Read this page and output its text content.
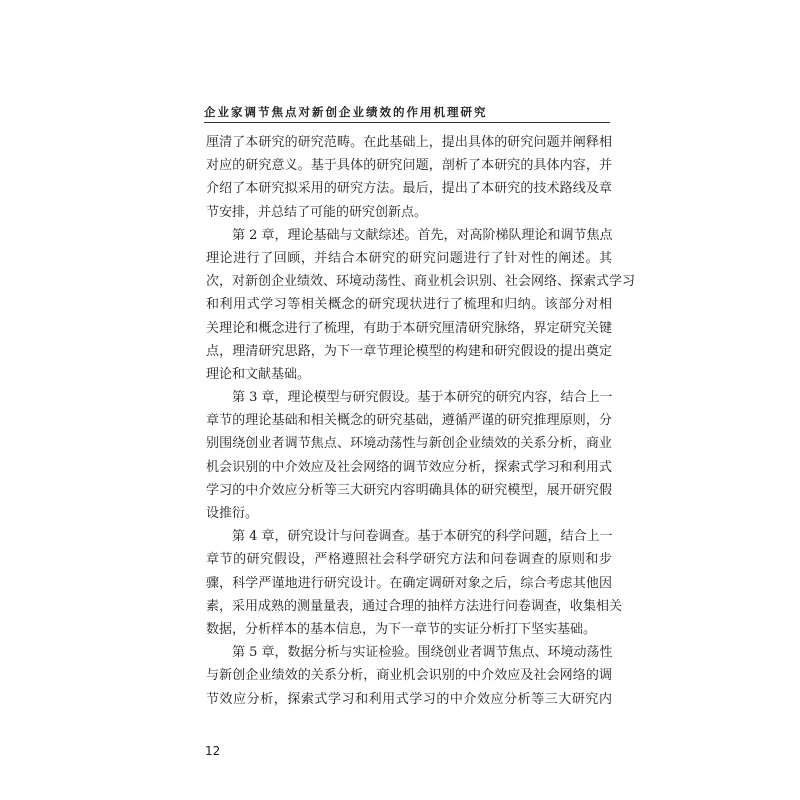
企业家调节焦点对新创企业绩效的作用机理研究
厘清了本研究的研究范畴。在此基础上，提出具体的研究问题并阐释相
对应的研究意义。基于具体的研究问题，剖析了本研究的具体内容，并
介绍了本研究拟采用的研究方法。最后，提出了本研究的技术路线及章
节安排，并总结了可能的研究创新点。
第 2 章，理论基础与文献综述。首先，对高阶梯队理论和调节焦点
理论进行了回顾，并结合本研究的研究问题进行了针对性的阐述。其
次，对新创企业绩效、环境动荡性、商业机会识别、社会网络、探索式学习
和利用式学习等相关概念的研究现状进行了梳理和归纳。该部分对相
关理论和概念进行了梳理，有助于本研究厘清研究脉络，界定研究关键
点，理清研究思路，为下一章节理论模型的构建和研究假设的提出奠定
理论和文献基础。
第 3 章，理论模型与研究假设。基于本研究的研究内容，结合上一
章节的理论基础和相关概念的研究基础，遵循严谨的研究推理原则，分
别围绕创业者调节焦点、环境动荡性与新创企业绩效的关系分析，商业
机会识别的中介效应及社会网络的调节效应分析，探索式学习和利用式
学习的中介效应分析等三大研究内容明确具体的研究模型，展开研究假
设推衍。
第 4 章，研究设计与问卷调查。基于本研究的科学问题，结合上一
章节的研究假设，严格遵照社会科学研究方法和问卷调查的原则和步
骤，科学严谨地进行研究设计。在确定调研对象之后，综合考虑其他因
素，采用成熟的测量量表，通过合理的抽样方法进行问卷调查，收集相关
数据，分析样本的基本信息，为下一章节的实证分析打下坚实基础。
第 5 章，数据分析与实证检验。围绕创业者调节焦点、环境动荡性
与新创企业绩效的关系分析，商业机会识别的中介效应及社会网络的调
节效应分析，探索式学习和利用式学习的中介效应分析等三大研究内
12
